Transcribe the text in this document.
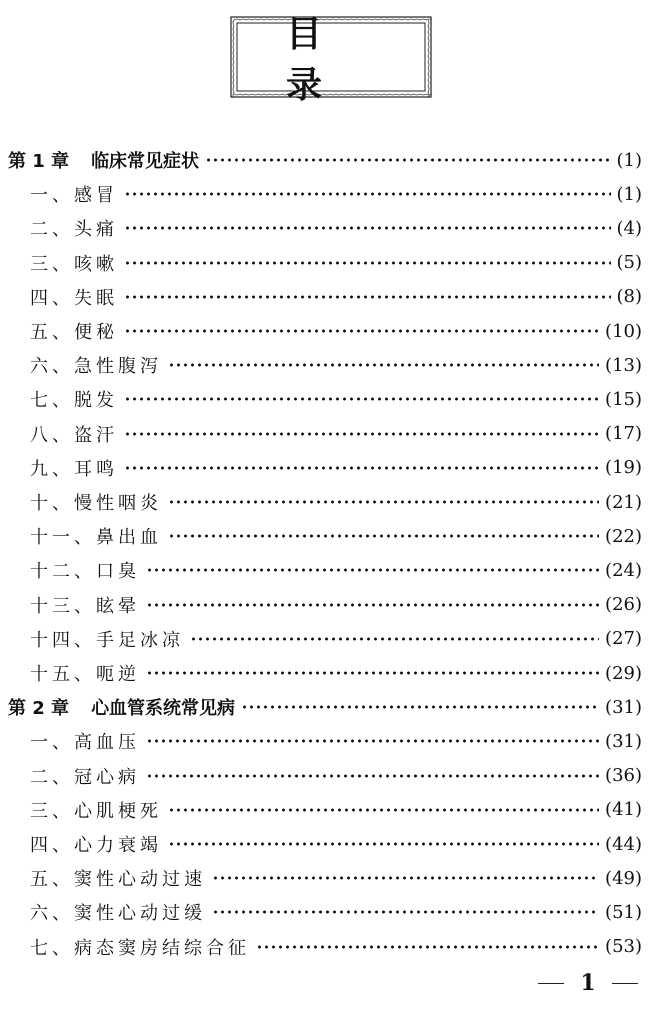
目录
第 1 章 临床常见症状	(1)
一、感冒	(1)
二、头痛	(4)
三、咳嗽	(5)
四、失眠	(8)
五、便秘	(10)
六、急性腹泻	(13)
七、脱发	(15)
八、盗汗	(17)
九、耳鸣	(19)
十、慢性咽炎	(21)
十一、鼻出血	(22)
十二、口臭	(24)
十三、眩晕	(26)
十四、手足冰凉	(27)
十五、呃逆	(29)
第 2 章 心血管系统常见病	(31)
一、高血压	(31)
二、冠心病	(36)
三、心肌梗死	(41)
四、心力衰竭	(44)
五、窦性心动过速	(49)
六、窦性心动过缓	(51)
七、病态窦房结综合征	(53)
1
